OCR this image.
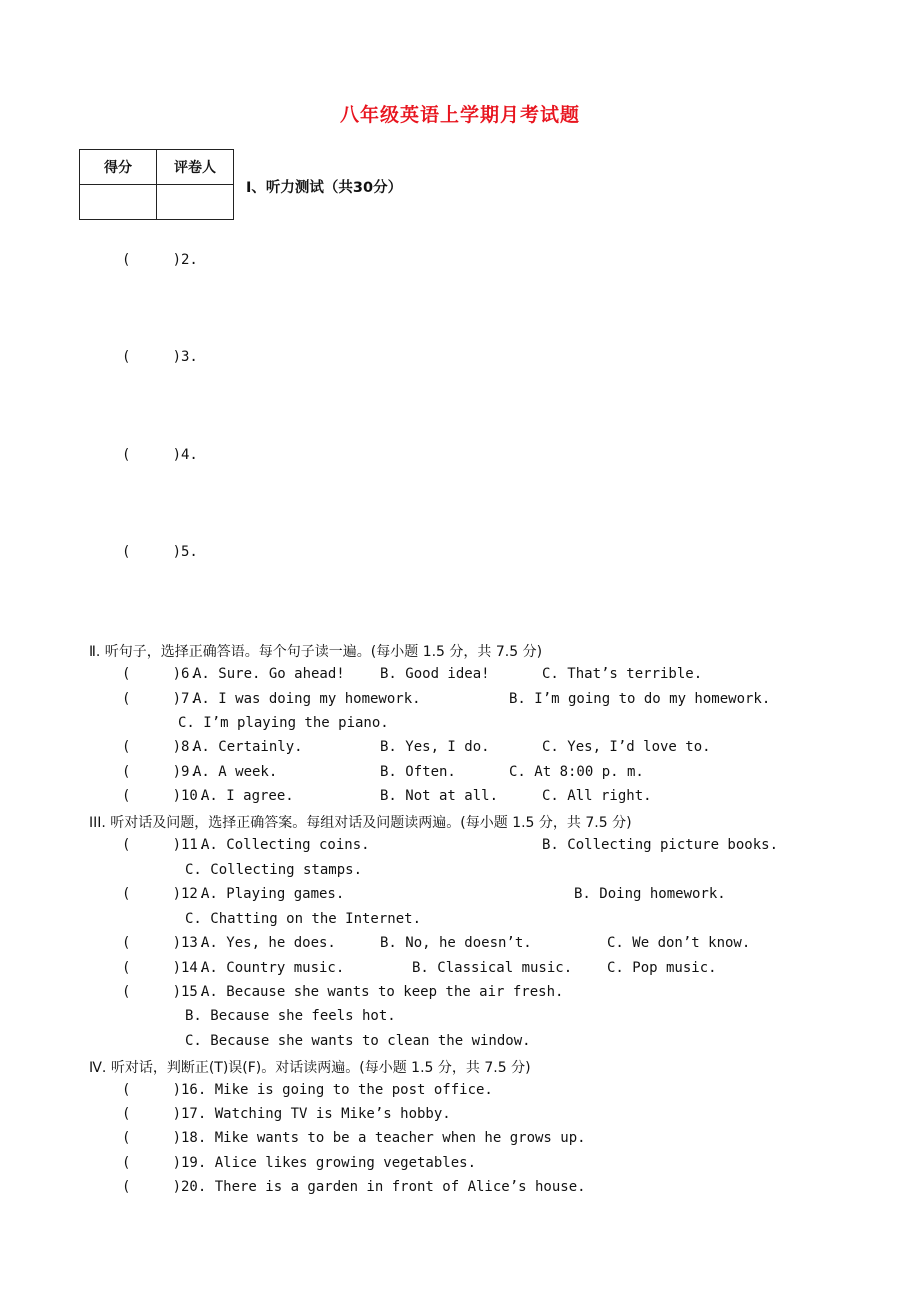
八年级英语上学期月考试题
得分	评卷人

Ⅰ、听力测试（共30分）
(     )2.
(     )3.
(     )4.
(     )5.
Ⅱ. 听句子，选择正确答语。每个句子读一遍。(每小题 1.5 分，共 7.5 分)
(     )6.
A. Sure. Go ahead!	B. Good idea!	C. That’s terrible.
(     )7.
A. I was doing my homework.	B. I’m going to do my homework.
C. I’m playing the piano.
(     )8.
A. Certainly.	B. Yes, I do.	C. Yes, I’d love to.
(     )9.
A. A week.	B. Often.	C. At 8:00 p. m.
(     )10.
A. I agree.	B. Not at all.	C. All right.
III. 听对话及问题，选择正确答案。每组对话及问题读两遍。(每小题 1.5 分，共 7.5 分)
(     )11.
A. Collecting coins.	B. Collecting picture books.
C. Collecting stamps.
(     )12.
A. Playing games.	B. Doing homework.
C. Chatting on the Internet.
(     )13.
A. Yes, he does.	B. No, he doesn’t.	C. We don’t know.
(     )14.
A. Country music.	B. Classical music. C. Pop music.
(     )15.
A. Because she wants to keep the air fresh.
B. Because she feels hot.
C. Because she wants to clean the window.
Ⅳ. 听对话，判断正(T)误(F)。对话读两遍。(每小题 1.5 分，共 7.5 分)
(     )16. Mike is going to the post office.
(     )17. Watching TV is Mike’s hobby.
(     )18. Mike wants to be a teacher when he grows up.
(     )19. Alice likes growing vegetables.
(     )20. There is a garden in front of Alice’s house.
